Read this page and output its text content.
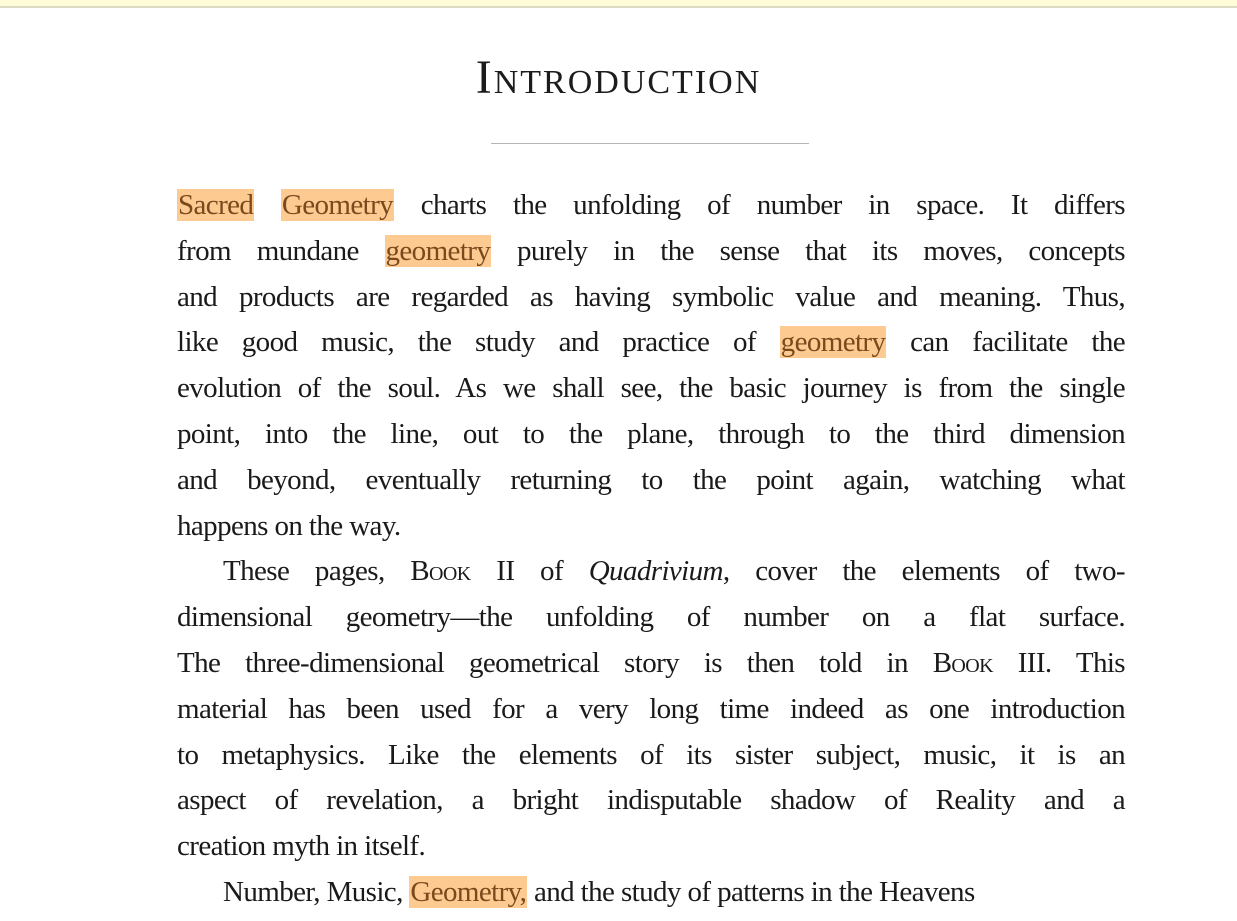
Introduction
Sacred Geometry charts the unfolding of number in space. It differs
from mundane geometry purely in the sense that its moves, concepts
and products are regarded as having symbolic value and meaning. Thus,
like good music, the study and practice of geometry can facilitate the
evolution of the soul. As we shall see, the basic journey is from the single
point, into the line, out to the plane, through to the third dimension
and beyond, eventually returning to the point again, watching what
happens on the way.
These pages, Book II of Quadrivium, cover the elements of two-
dimensional geometry—the unfolding of number on a flat surface.
The three-dimensional geometrical story is then told in Book III. This
material has been used for a very long time indeed as one introduction
to metaphysics. Like the elements of its sister subject, music, it is an
aspect of revelation, a bright indisputable shadow of Reality and a
creation myth in itself.
Number, Music, Geometry, and the study of patterns in the Heavens
